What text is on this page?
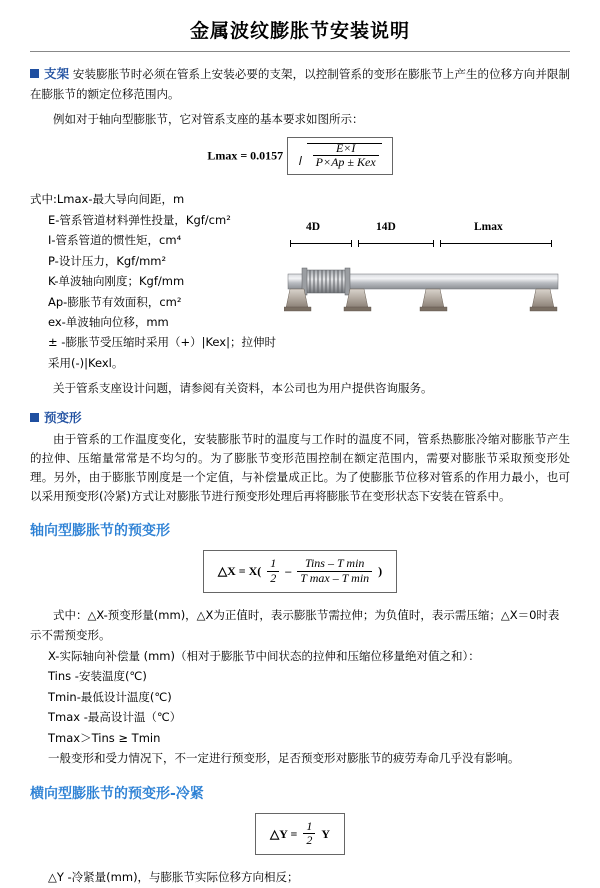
金属波纹膨胀节安装说明

支架 安装膨胀节时必须在管系上安装必要的支架，以控制管系的变形在膨胀节上产生的位移方向并限制在膨胀节的额定位移范围内。

例如对于轴向型膨胀节，它对管系支座的基本要求如图所示：

$Lmax = 0.0157 \frac{E\times I}{\text{P×Ap ± Kex}}$
式中:Lmax-最大导向间距，m
E-管系管道材料弹性投量，Kgf/cm²
I-管系管道的惯性矩，cm⁴
P-设计压力，Kgf/mm²
K-单波轴向刚度；Kgf/mm
Ap-膨胀节有效面积，cm²
ex-单波轴向位移，mm
± -膨胀节受压缩时采用（+）|Kex|；拉伸时采用(-)|Kexl。
4D	14D	Lmax

关于管系支座设计问题，请参阅有关资料，本公司也为用户提供咨询服务。

预变形

由于管系的工作温度变化，安装膨胀节时的温度与工作时的温度不同，管系热膨胀冷缩对膨胀节产生的拉伸、压缩量常常是不均匀的。为了膨胀节变形范围控制在额定范围内，需要对膨胀节采取预变形处理。另外，由于膨胀节刚度是一个定值，与补偿量成正比。为了使膨胀节位移对管系的作用力最小，也可以采用预变形(冷紧)方式让对膨胀节进行预变形处理后再将膨胀节在变形状态下安装在管系中。

轴向型膨胀节的预变形
△X = $X( \frac{1}{2} - \frac{\text{Tins – T min}}{\text{T max – T min}}$ )
式中：△X-预变形量(mm)，△X为正值时，表示膨胀节需拉伸；为负值时，表示需压缩；△X＝0时表示不需预变形。
X-实际轴向补偿量 (mm)（相对于膨胀节中间状态的拉伸和压缩位移量绝对值之和）：
Tins -安装温度(℃)
Tmin-最低设计温度(℃)
Tmax -最高设计温（℃）
Tmax＞Tins ≥ Tmin
一般变形和受力情况下，不一定进行预变形，足否预变形对膨胀节的疲劳寿命几乎没有影响。
横向型膨胀节的预变形-冷紧
△Y = $\frac{1}{2}$ Y
△Y -冷紧量(mm)，与膨胀节实际位移方向相反；
